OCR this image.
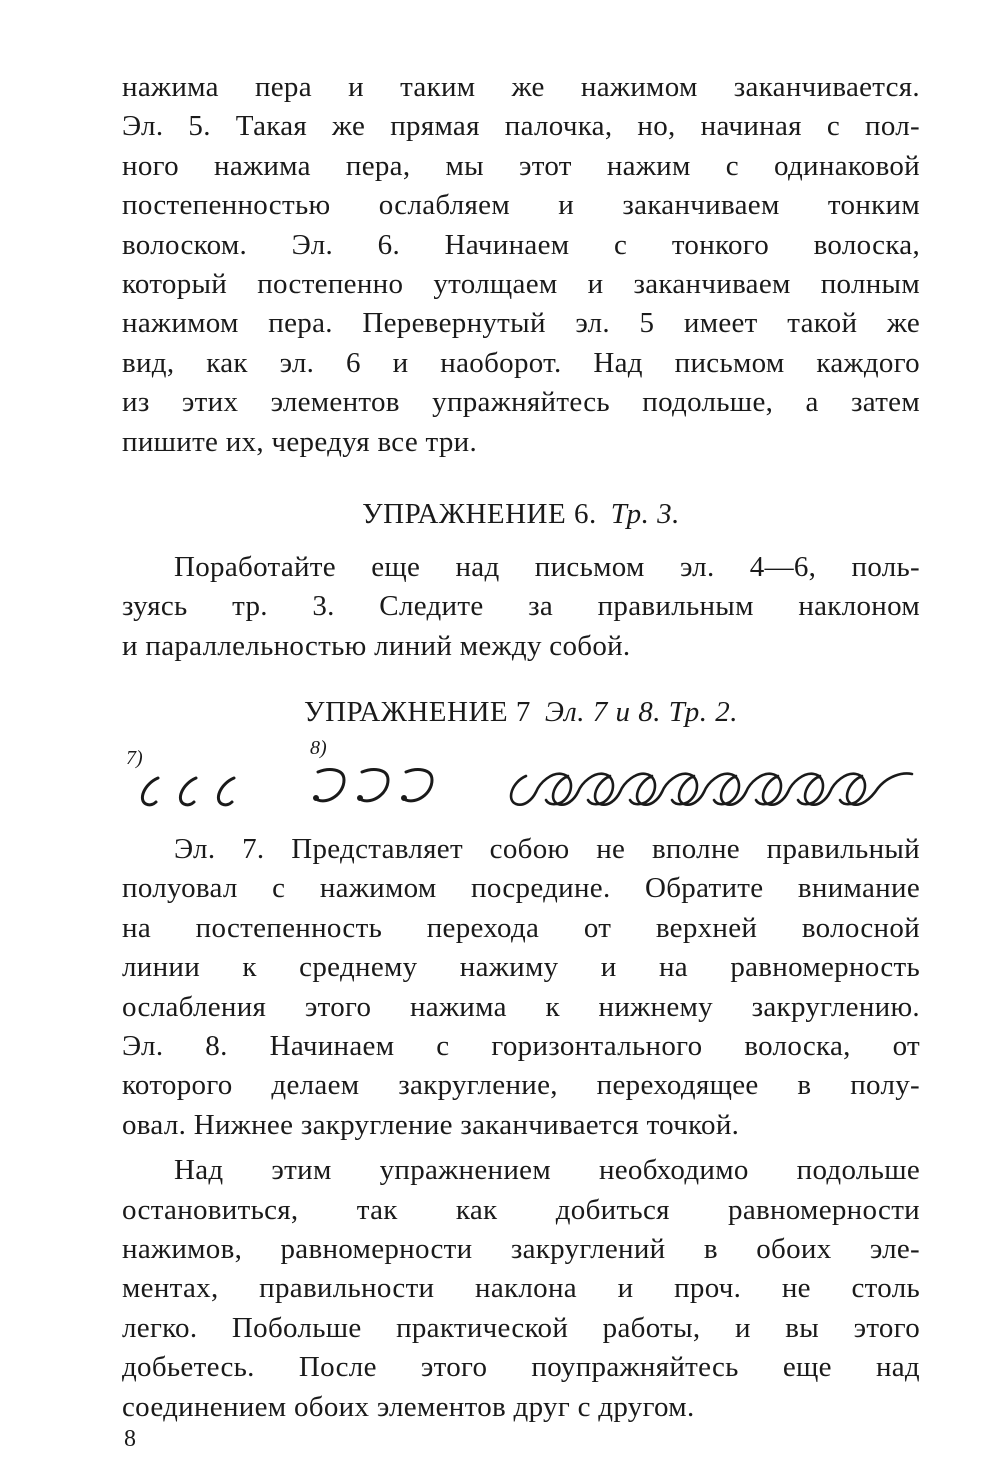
нажима пера и таким же нажимом заканчивается.
Эл. 5. Такая же прямая палочка, но, начиная с пол-
ного нажима пера, мы этот нажим с одинаковой
постепенностью ослабляем и заканчиваем тонким
волоском. Эл. 6. Начинаем с тонкого волоска,
который постепенно утолщаем и заканчиваем полным
нажимом пера. Перевернутый эл. 5 имеет такой же
вид, как эл. 6 и наоборот. Над письмом каждого
из этих элементов упражняйтесь подольше, а затем
пишите их, чередуя все три.
УПРАЖНЕНИЕ 6. Тр. 3.
Поработайте еще над письмом эл. 4—6, поль-
зуясь тр. 3. Следите за правильным наклоном
и параллельностью линий между собой.
УПРАЖНЕНИЕ 7 Эл. 7 и 8. Тр. 2.
7)	8)
Эл. 7. Представляет собою не вполне правильный
полуовал с нажимом посредине. Обратите внимание
на постепенность перехода от верхней волосной
линии к среднему нажиму и на равномерность
ослабления этого нажима к нижнему закруглению.
Эл. 8. Начинаем с горизонтального волоска, от
которого делаем закругление, переходящее в полу-
овал. Нижнее закругление заканчивается точкой.
Над этим упражнением необходимо подольше
остановиться, так как добиться равномерности
нажимов, равномерности закруглений в обоих эле-
ментах, правильности наклона и проч. не столь
легко. Побольше практической работы, и вы этого
добьетесь. После этого поупражняйтесь еще над
соединением обоих элементов друг с другом.
8
